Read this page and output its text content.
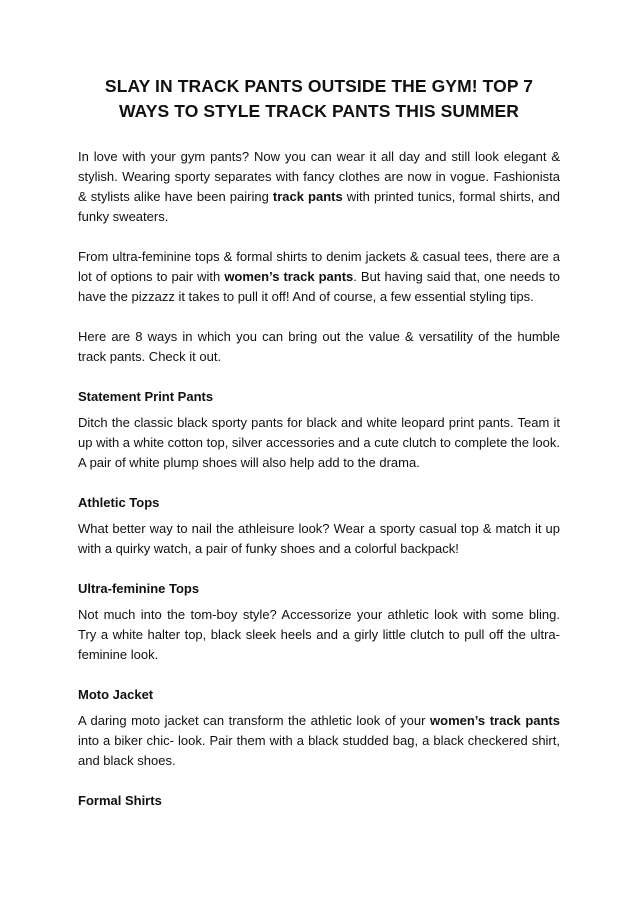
SLAY IN TRACK PANTS OUTSIDE THE GYM! TOP 7 WAYS TO STYLE TRACK PANTS THIS SUMMER

In love with your gym pants? Now you can wear it all day and still look elegant & stylish. Wearing sporty separates with fancy clothes are now in vogue. Fashionista & stylists alike have been pairing track pants with printed tunics, formal shirts, and funky sweaters.

From ultra-feminine tops & formal shirts to denim jackets & casual tees, there are a lot of options to pair with women’s track pants. But having said that, one needs to have the pizzazz it takes to pull it off! And of course, a few essential styling tips.

Here are 8 ways in which you can bring out the value & versatility of the humble track pants. Check it out.

Statement Print Pants

Ditch the classic black sporty pants for black and white leopard print pants. Team it up with a white cotton top, silver accessories and a cute clutch to complete the look. A pair of white plump shoes will also help add to the drama.

Athletic Tops

What better way to nail the athleisure look? Wear a sporty casual top & match it up with a quirky watch, a pair of funky shoes and a colorful backpack!

Ultra-feminine Tops

Not much into the tom-boy style? Accessorize your athletic look with some bling. Try a white halter top, black sleek heels and a girly little clutch to pull off the ultra-feminine look.

Moto Jacket

A daring moto jacket can transform the athletic look of your women’s track pants into a biker chic- look. Pair them with a black studded bag, a black checkered shirt, and black shoes.

Formal Shirts
